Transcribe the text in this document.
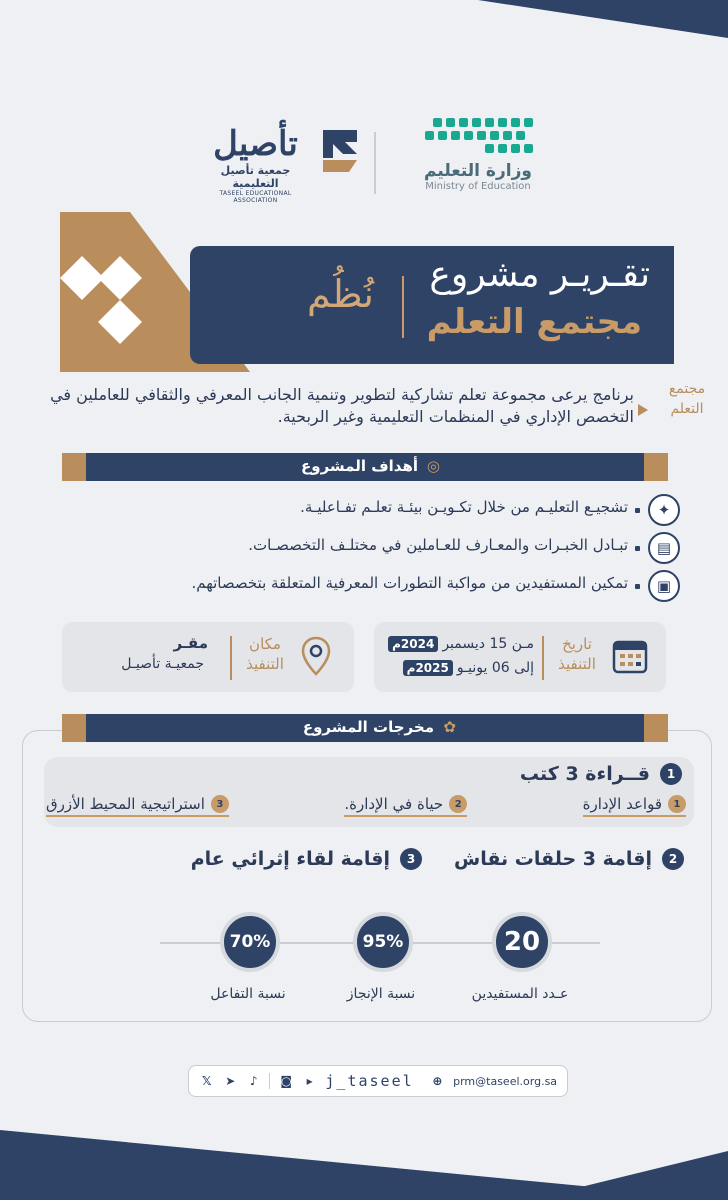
وزارة التعليم
Ministry of Education
تأصيل
جمعية تأصيل التعليمية
TASEEL EDUCATIONAL ASSOCIATION
تقـريـر مشروع
مجتمع التعلم
نُظُم
مجتمع التعلم
برنامج يرعى مجموعة تعلم تشاركية لتطوير وتنمية الجانب المعرفي والثقافي للعاملين في التخصص الإداري في المنظمات التعليمية وغير الربحية.
أهداف المشروع ◎
✦
تشجيـع التعليـم من خلال تكـويـن بيئـة تعلـم تفـاعليـة.
▤
تبـادل الخبـرات والمعـارف للعـاملين في مختلـف التخصصـات.
▣
تمكين المستفيدين من مواكبة التطورات المعرفية المتعلقة بتخصصاتهم.
تاريخ التنفيذ
مـن 15 ديسمبر
2024م
إلى 06 يونيـو
2025م
مكان التنفيذ
مقـر
جمعيـة تأصيـل
مخرجات المشروع ✿
1
قــراءة 3 كتب
1
قواعد الإدارة
2
حياة في الإدارة.
3
استراتيجية المحيط الأزرق
2
إقامة 3 حلقات نقاش
3
إقامة لقاء إثرائي عام
20
عـدد المستفيدين
95%
نسبة الإنجاز
70%
نسبة التفاعل
𝕏 ➤	♪	◙	▸ j_taseel ⊕ prm@taseel.org.sa
